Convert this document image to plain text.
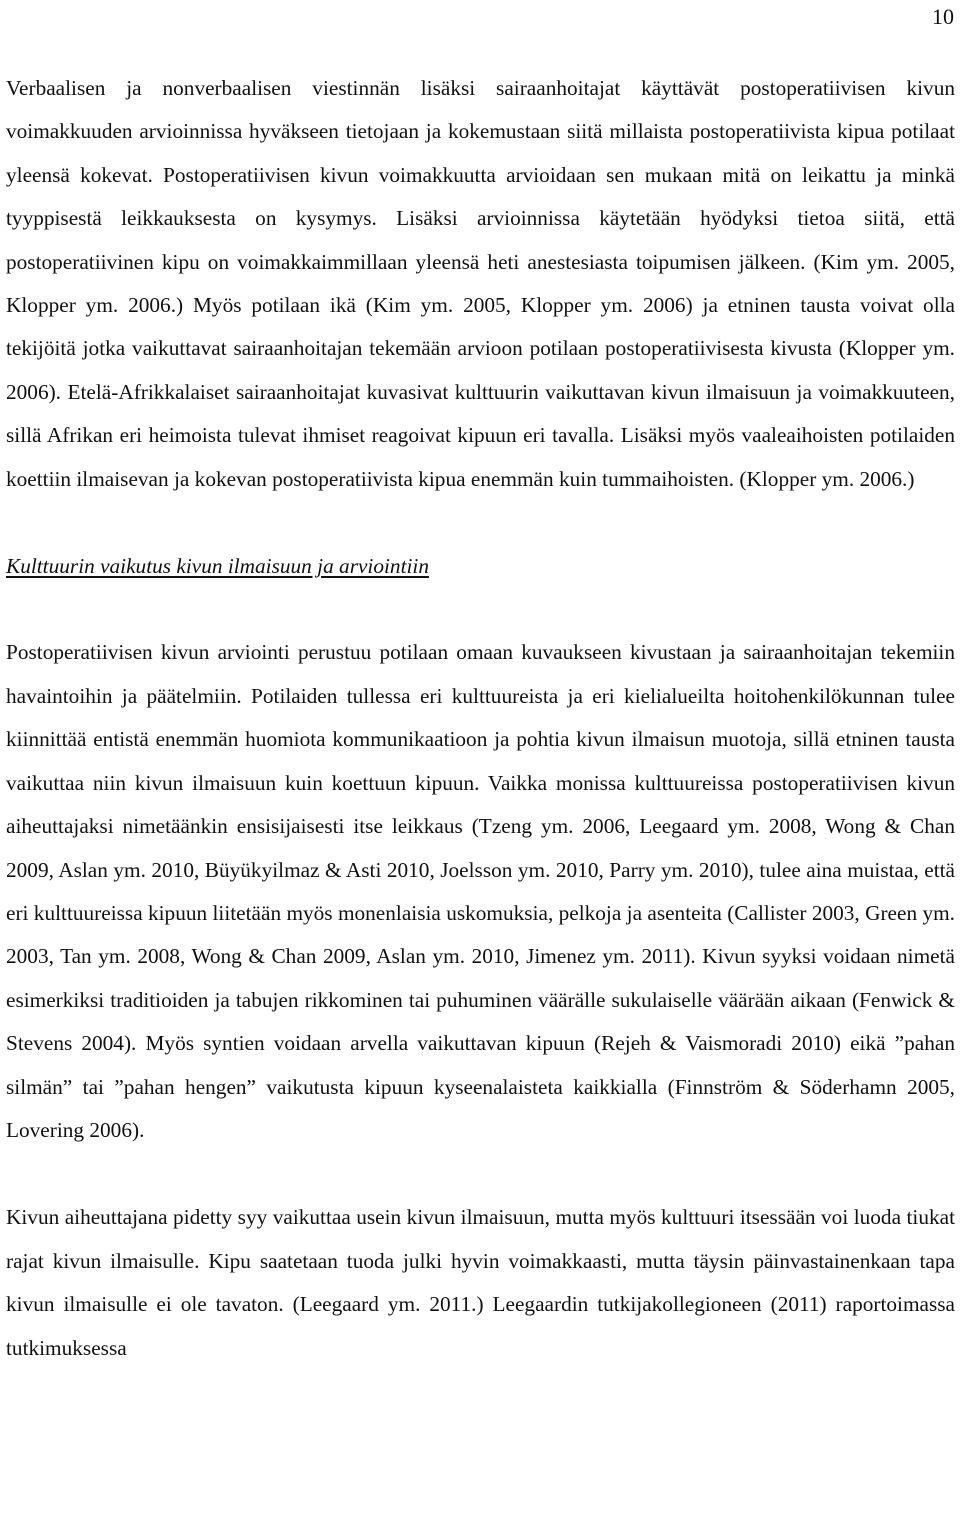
10

Verbaalisen ja nonverbaalisen viestinnän lisäksi sairaanhoitajat käyttävät postoperatiivisen kivun voimakkuuden arvioinnissa hyväkseen tietojaan ja kokemustaan siitä millaista postoperatiivista kipua potilaat yleensä kokevat. Postoperatiivisen kivun voimakkuutta arvioidaan sen mukaan mitä on leikattu ja minkä tyyppisestä leikkauksesta on kysymys. Lisäksi arvioinnissa käytetään hyödyksi tietoa siitä, että postoperatiivinen kipu on voimakkaimmillaan yleensä heti anestesiasta toipumisen jälkeen. (Kim ym. 2005, Klopper ym. 2006.) Myös potilaan ikä (Kim ym. 2005, Klopper ym. 2006) ja etninen tausta voivat olla tekijöitä jotka vaikuttavat sairaanhoitajan tekemään arvioon potilaan postoperatiivisesta kivusta (Klopper ym. 2006). Etelä-Afrikkalaiset sairaanhoitajat kuvasivat kulttuurin vaikuttavan kivun ilmaisuun ja voimakkuuteen, sillä Afrikan eri heimoista tulevat ihmiset reagoivat kipuun eri tavalla. Lisäksi myös vaaleaihoisten potilaiden koettiin ilmaisevan ja kokevan postoperatiivista kipua enemmän kuin tummaihoisten. (Klopper ym. 2006.)

Kulttuurin vaikutus kivun ilmaisuun ja arviointiin

Postoperatiivisen kivun arviointi perustuu potilaan omaan kuvaukseen kivustaan ja sairaanhoitajan tekemiin havaintoihin ja päätelmiin. Potilaiden tullessa eri kulttuureista ja eri kielialueilta hoitohenkilökunnan tulee kiinnittää entistä enemmän huomiota kommunikaatioon ja pohtia kivun ilmaisun muotoja, sillä etninen tausta vaikuttaa niin kivun ilmaisuun kuin koettuun kipuun. Vaikka monissa kulttuureissa postoperatiivisen kivun aiheuttajaksi nimetäänkin ensisijaisesti itse leikkaus (Tzeng ym. 2006, Leegaard ym. 2008, Wong & Chan 2009, Aslan ym. 2010, Büyükyilmaz & Asti 2010, Joelsson ym. 2010, Parry ym. 2010), tulee aina muistaa, että eri kulttuureissa kipuun liitetään myös monenlaisia uskomuksia, pelkoja ja asenteita (Callister 2003, Green ym. 2003, Tan ym. 2008, Wong & Chan 2009, Aslan ym. 2010, Jimenez ym. 2011). Kivun syyksi voidaan nimetä esimerkiksi traditioiden ja tabujen rikkominen tai puhuminen väärälle sukulaiselle väärään aikaan (Fenwick & Stevens 2004). Myös syntien voidaan arvella vaikuttavan kipuun (Rejeh & Vaismoradi 2010) eikä ”pahan silmän” tai ”pahan hengen” vaikutusta kipuun kyseenalaisteta kaikkialla (Finnström & Söderhamn 2005, Lovering 2006).

Kivun aiheuttajana pidetty syy vaikuttaa usein kivun ilmaisuun, mutta myös kulttuuri itsessään voi luoda tiukat rajat kivun ilmaisulle. Kipu saatetaan tuoda julki hyvin voimakkaasti, mutta täysin päinvastainenkaan tapa kivun ilmaisulle ei ole tavaton. (Leegaard ym. 2011.) Leegaardin tutkijakollegioneen (2011) raportoimassa tutkimuksessa
